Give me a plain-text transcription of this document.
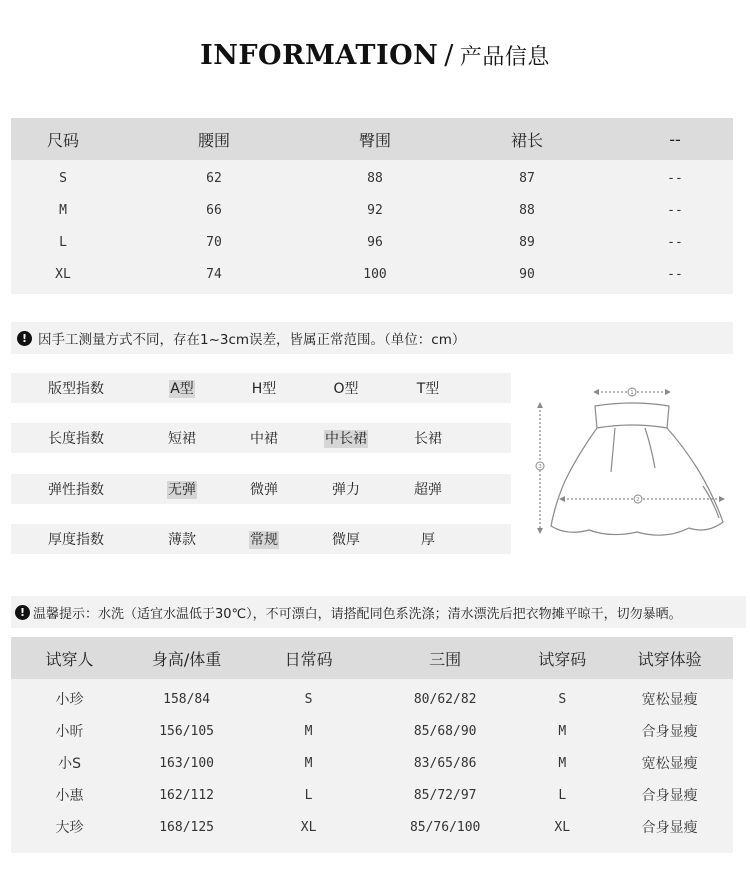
INFORMATION / 产品信息
尺码	腰围	臀围	裙长	--
S	62	88	87	--
M	66	92	88	--
L	70	96	89	--
XL	74	100	90	--
! 因手工测量方式不同，存在1~3cm误差，皆属正常范围。（单位：cm）
版型指数	A型	H型	O型	T型
长度指数	短裙	中裙	中长裙	长裙
弹性指数	无弹	微弹	弹力	超弹
厚度指数	薄款	常规	微厚	厚
1
2
3
! 温馨提示：水洗（适宜水温低于30℃），不可漂白，请搭配同色系洗涤；清水漂洗后把衣物摊平晾干，切勿暴晒。
试穿人	身高/体重	日常码	三围	试穿码	试穿体验
小珍	158/84	S	80/62/82	S	宽松显瘦
小昕	156/105	M	85/68/90	M	合身显瘦
小S	163/100	M	83/65/86	M	宽松显瘦
小惠	162/112	L	85/72/97	L	合身显瘦
大珍	168/125	XL	85/76/100	XL	合身显瘦
